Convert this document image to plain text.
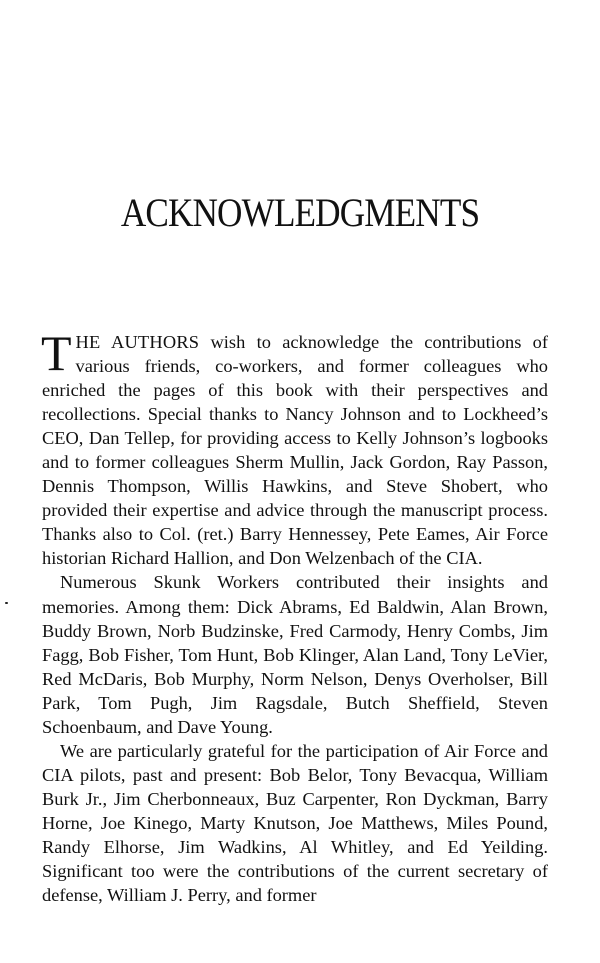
ACKNOWLEDGMENTS

THE AUTHORS wish to acknowledge the contributions of various friends, co-workers, and former colleagues who enriched the pages of this book with their perspectives and recollections. Special thanks to Nancy Johnson and to Lockheed’s CEO, Dan Tellep, for providing access to Kelly Johnson’s logbooks and to former colleagues Sherm Mullin, Jack Gordon, Ray Passon, Dennis Thompson, Willis Hawkins, and Steve Shobert, who provided their expertise and advice through the manuscript process. Thanks also to Col. (ret.) Barry Hennessey, Pete Eames, Air Force historian Richard Hallion, and Don Welzenbach of the CIA.

Numerous Skunk Workers contributed their insights and memories. Among them: Dick Abrams, Ed Baldwin, Alan Brown, Buddy Brown, Norb Budzinske, Fred Carmody, Henry Combs, Jim Fagg, Bob Fisher, Tom Hunt, Bob Klinger, Alan Land, Tony LeVier, Red McDaris, Bob Murphy, Norm Nelson, Denys Overholser, Bill Park, Tom Pugh, Jim Ragsdale, Butch Sheffield, Steven Schoenbaum, and Dave Young.

We are particularly grateful for the participation of Air Force and CIA pilots, past and present: Bob Belor, Tony Bevacqua, William Burk Jr., Jim Cherbonneaux, Buz Carpenter, Ron Dyckman, Barry Horne, Joe Kinego, Marty Knutson, Joe Matthews, Miles Pound, Randy Elhorse, Jim Wadkins, Al Whitley, and Ed Yeilding. Significant too were the contributions of the current secretary of defense, William J. Perry, and former
